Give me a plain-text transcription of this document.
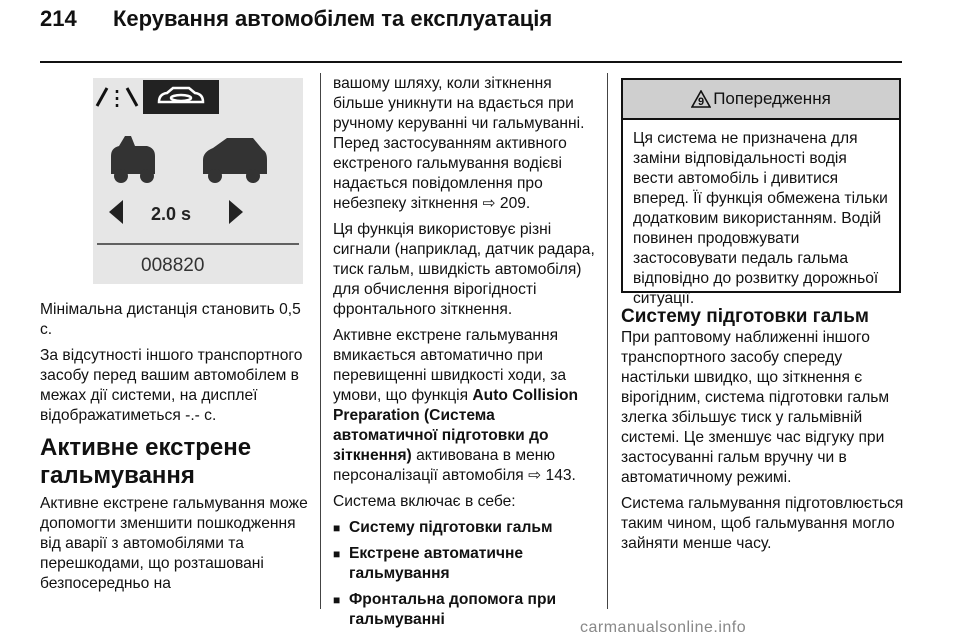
214 Керування автомобілем та експлуатація
2.0 s
008820

Мінімальна дистанція становить 0,5 с.

За відсутності іншого транспортного засобу перед вашим автомобілем в межах дії системи, на дисплеї відображатиметься -.- с.

Активне екстрене гальмування

Активне екстрене гальмування може допомогти зменшити пошкодження від аварії з автомобілями та перешкодами, що розташовані безпосередньо на

вашому шляху, коли зіткнення більше уникнути на вдається при ручному керуванні чи гальмуванні. Перед застосуванням активного екстреного гальмування водієві надається повідомлення про небезпеку зіткнення ⇨ 209.

Ця функція використовує різні сигнали (наприклад, датчик радара, тиск гальм, швидкість автомобіля) для обчислення вірогідності фронтального зіткнення.

Активне екстрене гальмування вмикається автоматично при перевищенні швидкості ходи, за умови, що функція Auto Collision Preparation (Система автоматичної підготовки до зіткнення) активована в меню персоналізації автомобіля ⇨ 143.

Система включає в себе:

■ Систему підготовки гальм
■ Екстрене автоматичне гальмування
■ Фронтальна допомога при гальмуванні
9 Попередження
Ця система не призначена для заміни відповідальності водія вести автомобіль і дивитися вперед. Її функція обмежена тільки додатковим використанням. Водій повинен продовжувати застосовувати педаль гальма відповідно до розвитку дорожньої ситуації.
Систему підготовки гальм

При раптовому наближенні іншого транспортного засобу спереду настільки швидко, що зіткнення є вірогідним, система підготовки гальм злегка збільшує тиск у гальмівній системі. Це зменшує час відгуку при застосуванні гальм вручну чи в автоматичному режимі.

Система гальмування підготовлюється таким чином, щоб гальмування могло зайняти менше часу.

carmanualsonline.info
